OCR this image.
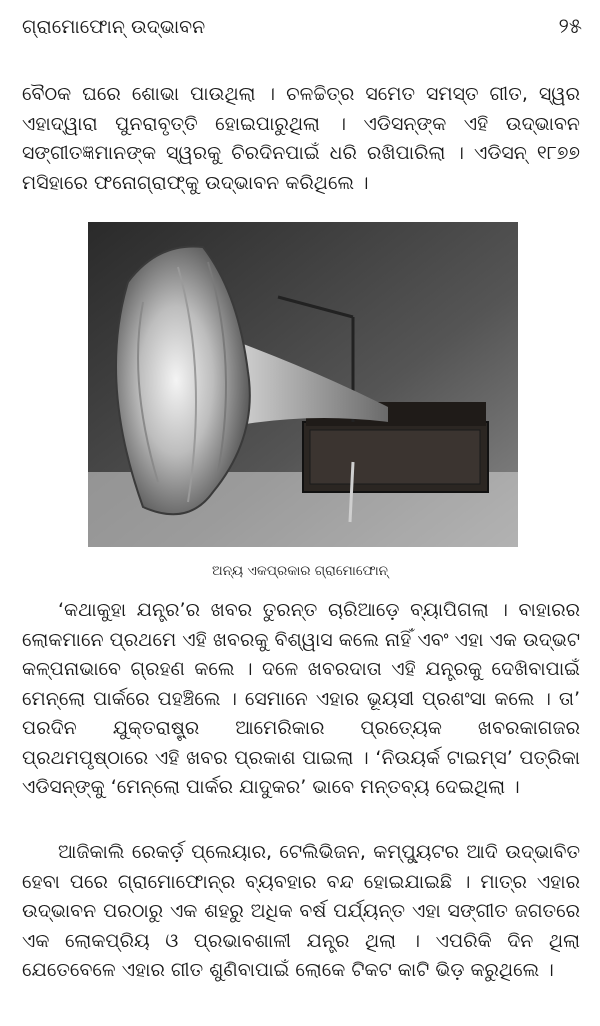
ଗ୍ରାମୋଫୋନ୍ ଉଦ୍ଭାବନ	୨୫

ବୈଠକ ଘରେ ଶୋଭା ପାଉଥିଲା । ଚଳଚ୍ଚିତ୍ର ସମେତ ସମସ୍ତ ଗୀତ, ସ୍ୱର ଏହାଦ୍ୱାରା ପୁନରାବୃତ୍ତି ହୋଇପାରୁଥିଲା । ଏଡିସନ୍‌ଙ୍କ ଏହି ଉଦ୍ଭାବନ ସଙ୍ଗୀତଜ୍ଞମାନଙ୍କ ସ୍ୱରକୁ ଚିରଦିନପାଇଁ ଧରି ରଖିପାରିଲା । ଏଡିସନ୍ ୧୮୭୭ ମସିହାରେ ଫନୋଗ୍ରାଫ୍‌କୁ ଉଦ୍ଭାବନ କରିଥିଲେ ।

ଅନ୍ୟ ଏକପ୍ରକାର ଗ୍ରାମୋଫୋନ୍

‘କଥାକୁହା ଯନ୍ତ୍ର’ର ଖବର ତୁରନ୍ତ ଚାରିଆଡ଼େ ବ୍ୟାପିଗଲା । ବାହାରର ଲୋକମାନେ ପ୍ରଥମେ ଏହି ଖବରକୁ ବିଶ୍ୱାସ କଲେ ନାହିଁ ଏବଂ ଏହା ଏକ ଉଦ୍ଭଟ କଳ୍ପନାଭାବେ ଗ୍ରହଣ କଲେ । ଦଳେ ଖବରଦାତା ଏହି ଯନ୍ତ୍ରକୁ ଦେଖିବାପାଇଁ ମେନ୍‌ଲୋ ପାର୍କରେ ପହଞ୍ଚିଲେ । ସେମାନେ ଏହାର ଭୂୟସୀ ପ୍ରଶଂସା କଲେ । ତା’ ପରଦିନ ଯୁକ୍ତରାଷ୍ଟ୍ର ଆମେରିକାର ପ୍ରତ୍ୟେକ ଖବରକାଗଜର ପ୍ରଥମପୃଷ୍ଠାରେ ଏହି ଖବର ପ୍ରକାଶ ପାଇଲା । ‘ନିଉୟର୍କ ଟାଇମ୍‌ସ’ ପତ୍ରିକା ଏଡିସନ୍‌ଙ୍କୁ ‘ମେନ୍‌ଲୋ ପାର୍କର ଯାଦୁକର’ ଭାବେ ମନ୍ତବ୍ୟ ଦେଇଥିଲା ।

ଆଜିକାଲି ରେକର୍ଡ଼ ପ୍ଲେୟାର, ଟେଲିଭିଜନ, କମ୍ପ୍ୟୁଟର ଆଦି ଉଦ୍ଭାବିତ ହେବା ପରେ ଗ୍ରାମୋଫୋନ୍‌ର ବ୍ୟବହାର ବନ୍ଦ ହୋଇଯାଇଛି । ମାତ୍ର ଏହାର ଉଦ୍ଭାବନ ପରଠାରୁ ଏକ ଶହରୁ ଅଧିକ ବର୍ଷ ପର୍ଯ୍ୟନ୍ତ ଏହା ସଙ୍ଗୀତ ଜଗତରେ ଏକ ଲୋକପ୍ରିୟ ଓ ପ୍ରଭାବଶାଳୀ ଯନ୍ତ୍ର ଥିଲା । ଏପରିକି ଦିନ ଥିଲା ଯେତେବେଳେ ଏହାର ଗୀତ ଶୁଣିବାପାଇଁ ଲୋକେ ଟିକଟ କାଟି ଭିଡ଼ କରୁଥିଲେ ।
